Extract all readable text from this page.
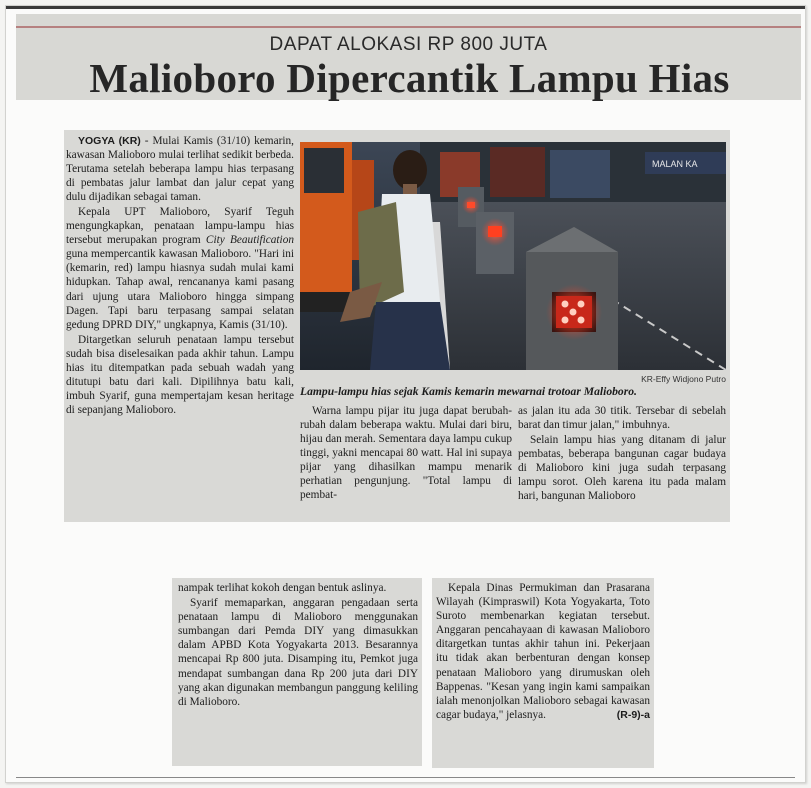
DAPAT ALOKASI RP 800 JUTA
Malioboro Dipercantik Lampu Hias

YOGYA (KR) - Mulai Kamis (31/10) kemarin, kawasan Malioboro mulai terlihat sedikit berbeda. Terutama setelah beberapa lampu hias terpasang di pembatas jalur lambat dan jalur cepat yang dulu dijadikan sebagai taman.

Kepala UPT Malioboro, Syarif Teguh mengungkapkan, penataan lampu-lampu hias tersebut merupakan program City Beautification guna mempercantik kawasan Malioboro. "Hari ini (kemarin, red) lampu hiasnya sudah mulai kami hidupkan. Tahap awal, rencananya kami pasang dari ujung utara Malioboro hingga simpang Dagen. Tapi baru terpasang sampai selatan gedung DPRD DIY," ungkapnya, Kamis (31/10).

Ditargetkan seluruh penataan lampu tersebut sudah bisa diselesaikan pada akhir tahun. Lampu hias itu ditempatkan pada sebuah wadah yang ditutupi batu dari kali. Dipilihnya batu kali, imbuh Syarif, guna mempertajam kesan heritage di sepanjang Malioboro.

MALAN KA
KR-Effy Widjono Putro
Lampu-lampu hias sejak Kamis kemarin mewarnai trotoar Malioboro.

Warna lampu pijar itu juga dapat berubah-rubah dalam beberapa waktu. Mulai dari biru, hijau dan merah. Sementara daya lampu cukup tinggi, yakni mencapai 80 watt. Hal ini supaya pijar yang dihasilkan mampu menarik perhatian pengunjung. "Total lampu di pembat-

as jalan itu ada 30 titik. Tersebar di sebelah barat dan timur jalan," imbuhnya.

Selain lampu hias yang ditanam di jalur pembatas, beberapa bangunan cagar budaya di Malioboro kini juga sudah terpasang lampu sorot. Oleh karena itu pada malam hari, bangunan Malioboro

nampak terlihat kokoh dengan bentuk aslinya.

Syarif memaparkan, anggaran pengadaan serta penataan lampu di Malioboro menggunakan sumbangan dari Pemda DIY yang dimasukkan dalam APBD Kota Yogyakarta 2013. Besarannya mencapai Rp 800 juta. Disamping itu, Pemkot juga mendapat sumbangan dana Rp 200 juta dari DIY yang akan digunakan membangun panggung keliling di Malioboro.

Kepala Dinas Permukiman dan Prasarana Wilayah (Kimpraswil) Kota Yogyakarta, Toto Suroto membenarkan kegiatan tersebut. Anggaran pencahayaan di kawasan Malioboro ditargetkan tuntas akhir tahun ini. Pekerjaan itu tidak akan berbenturan dengan konsep penataan Malioboro yang dirumuskan oleh Bappenas. "Kesan yang ingin kami sampaikan ialah menonjolkan Malioboro sebagai kawasan cagar budaya," jelasnya.	(R-9)-a
